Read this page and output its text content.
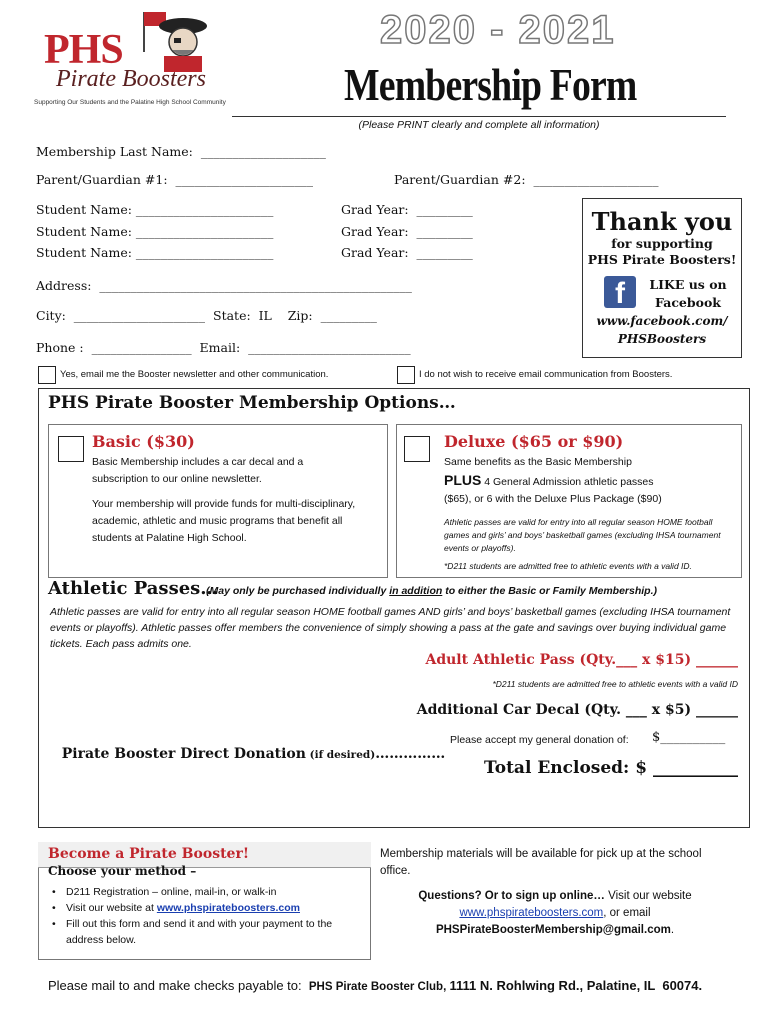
PHS
Pirate Boosters
Supporting Our Students and the Palatine High School Community
2020 - 2021
Membership Form
(Please PRINT clearly and complete all information)
Membership Last Name:  ____________________
Parent/Guardian #1:  ______________________	Parent/Guardian #2:  ____________________
Student Name: ______________________	Grad Year:  _________
Student Name: ______________________	Grad Year:  _________
Student Name: ______________________	Grad Year:  _________
Address:  __________________________________________________
City:  _____________________  State:  IL    Zip:  _________
Phone :  ________________  Email:  __________________________
Thank you
for supporting
PHS Pirate Boosters!
f	LIKE us on
Facebook
www.facebook.com/
PHSBoosters
Yes, email me the Booster newsletter and other communication.	I do not wish to receive email communication from Boosters.
PHS Pirate Booster Membership Options…
Basic ($30)
Basic Membership includes a car decal and a subscription to our online newsletter.
Your membership will provide funds for multi-disciplinary, academic, athletic and music programs that benefit all students at Palatine High School.
Deluxe ($65 or $90)
Same benefits as the Basic Membership
PLUS 4 General Admission athletic passes
($65), or 6 with the Deluxe Plus Package ($90)
Athletic passes are valid for entry into all regular season HOME football games and girls’ and boys’ basketball games (excluding IHSA tournament events or playoffs).
*D211 students are admitted free to athletic events with a valid ID.
Athletic Passes…
(May only be purchased individually in addition to either the Basic or Family Membership.)
Athletic passes are valid for entry into all regular season HOME football games AND girls’ and boys’ basketball games (excluding IHSA tournament events or playoffs). Athletic passes offer members the convenience of simply showing a pass at the gate and savings over buying individual game tickets. Each pass admits one.
Adult Athletic Pass (Qty.___ x $15) ______
*D211 students are admitted free to athletic events with a valid ID
Additional Car Decal (Qty. ___ x $5) ______

Pirate Booster Direct Donation (if desired)……………

Please accept my general donation of: $__________
Total Enclosed: $ __________
Become a Pirate Booster!
Choose your method –
• D211 Registration – online, mail-in, or walk-in
• Visit our website at www.phspirateboosters.com
• Fill out this form and send it and with your payment to the address below.
Membership materials will be available for pick up at the school office.
Questions? Or to sign up online… Visit our website
www.phspirateboosters.com, or email
PHSPirateBoosterMembership@gmail.com.
Please mail to and make checks payable to:  PHS Pirate Booster Club, 1111 N. Rohlwing Rd., Palatine, IL  60074.
